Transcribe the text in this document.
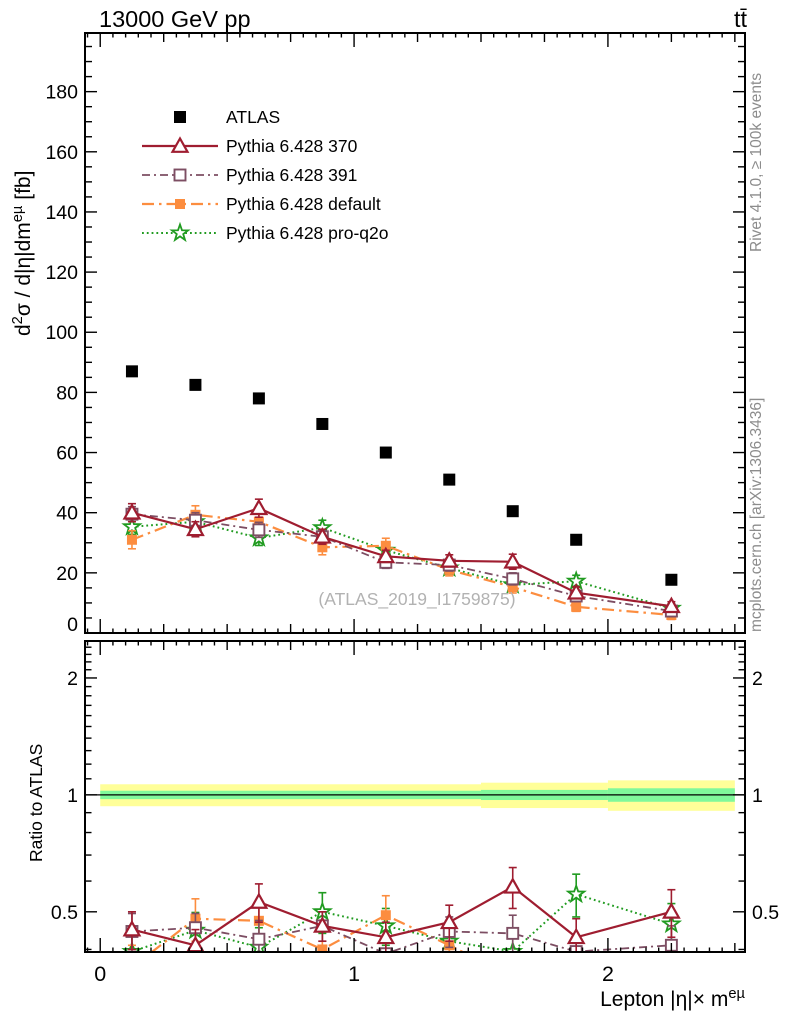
20
40
60
80
100
120
140
160
180
0
0	1	2
0.5	0.5
1	1
2	2
ATLAS
Pythia 6.428 370
Pythia 6.428 391
Pythia 6.428 default
Pythia 6.428 pro-q2o
13000 GeV pp	tt̄
Rivet 4.1.0, ≥ 100k events
mcplots.cern.ch [arXiv:1306.3436]
$d^2\sigma / d|\eta|dm^{e\mu}$ [fb]
Ratio to ATLAS
Lepton $|\eta|\times m^{e\mu}$
(ATLAS_2019_I1759875)
